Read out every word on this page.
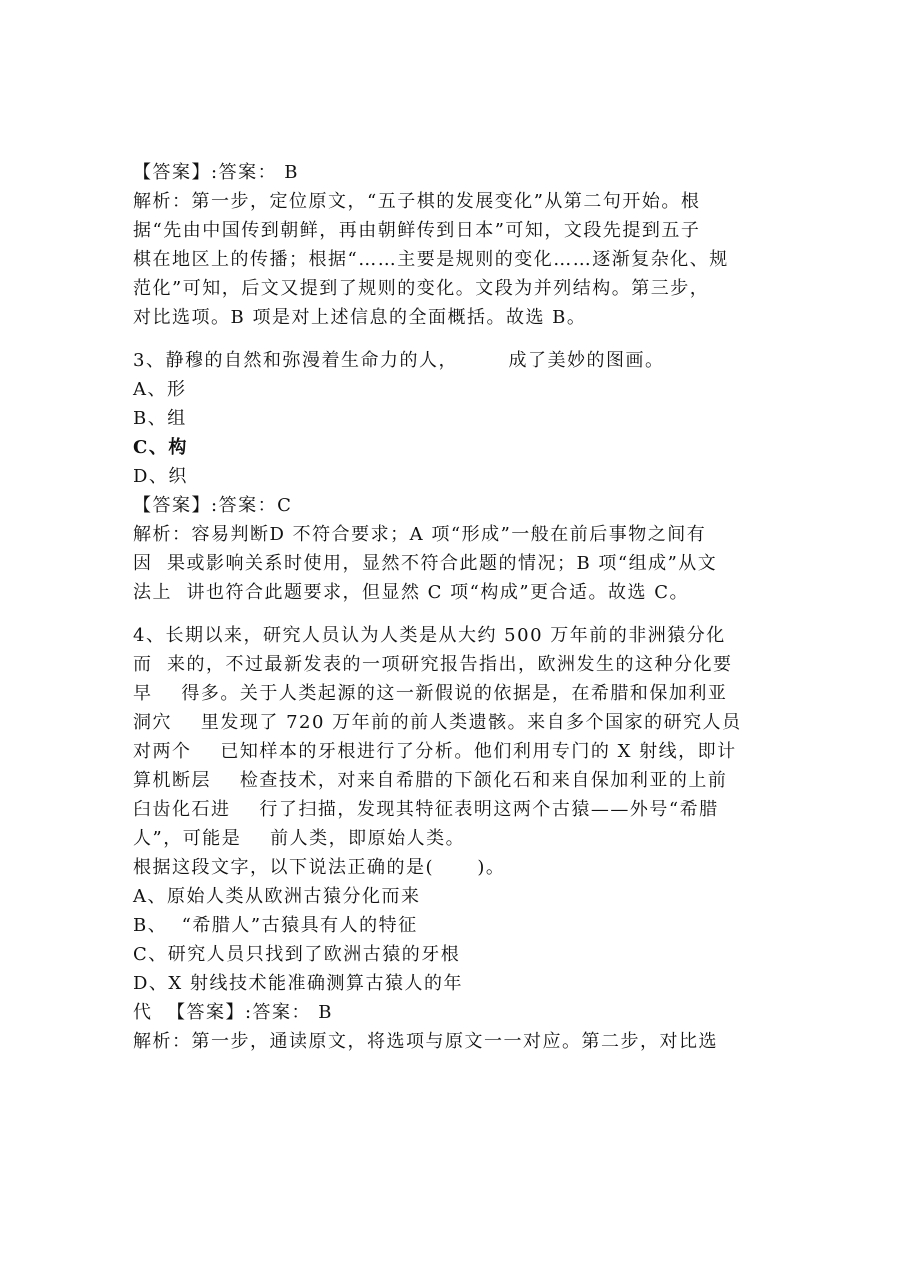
【答案】:答案： B
解析：第一步，定位原文，“五子棋的发展变化”从第二句开始。根
据“先由中国传到朝鲜，再由朝鲜传到日本”可知，文段先提到五子
棋在地区上的传播；根据“……主要是规则的变化……逐渐复杂化、规
范化”可知，后文又提到了规则的变化。文段为并列结构。第三步，
对比选项。B 项是对上述信息的全面概括。故选 B。
3、静穆的自然和弥漫着生命力的人，       成了美妙的图画。
A、形
B、组
C、构
D、织
【答案】:答案：C
解析：容易判断D 不符合要求；A 项“形成”一般在前后事物之间有
因  果或影响关系时使用，显然不符合此题的情况；B 项“组成”从文
法上  讲也符合此题要求，但显然 C 项“构成”更合适。故选 C。
4、长期以来，研究人员认为人类是从大约 500 万年前的非洲猿分化
而  来的，不过最新发表的一项研究报告指出，欧洲发生的这种分化要
早    得多。关于人类起源的这一新假说的依据是，在希腊和保加利亚
洞穴    里发现了 720 万年前的前人类遗骸。来自多个国家的研究人员
对两个    已知样本的牙根进行了分析。他们利用专门的 X 射线，即计
算机断层    检查技术，对来自希腊的下颌化石和来自保加利亚的上前
臼齿化石进    行了扫描，发现其特征表明这两个古猿——外号“希腊
人”，可能是    前人类，即原始人类。
根据这段文字，以下说法正确的是(      )。
A、原始人类从欧洲古猿分化而来
B、  “希腊人”古猿具有人的特征
C、研究人员只找到了欧洲古猿的牙根
D、X 射线技术能准确测算古猿人的年
代  【答案】:答案： B
解析：第一步，通读原文，将选项与原文一一对应。第二步，对比选
